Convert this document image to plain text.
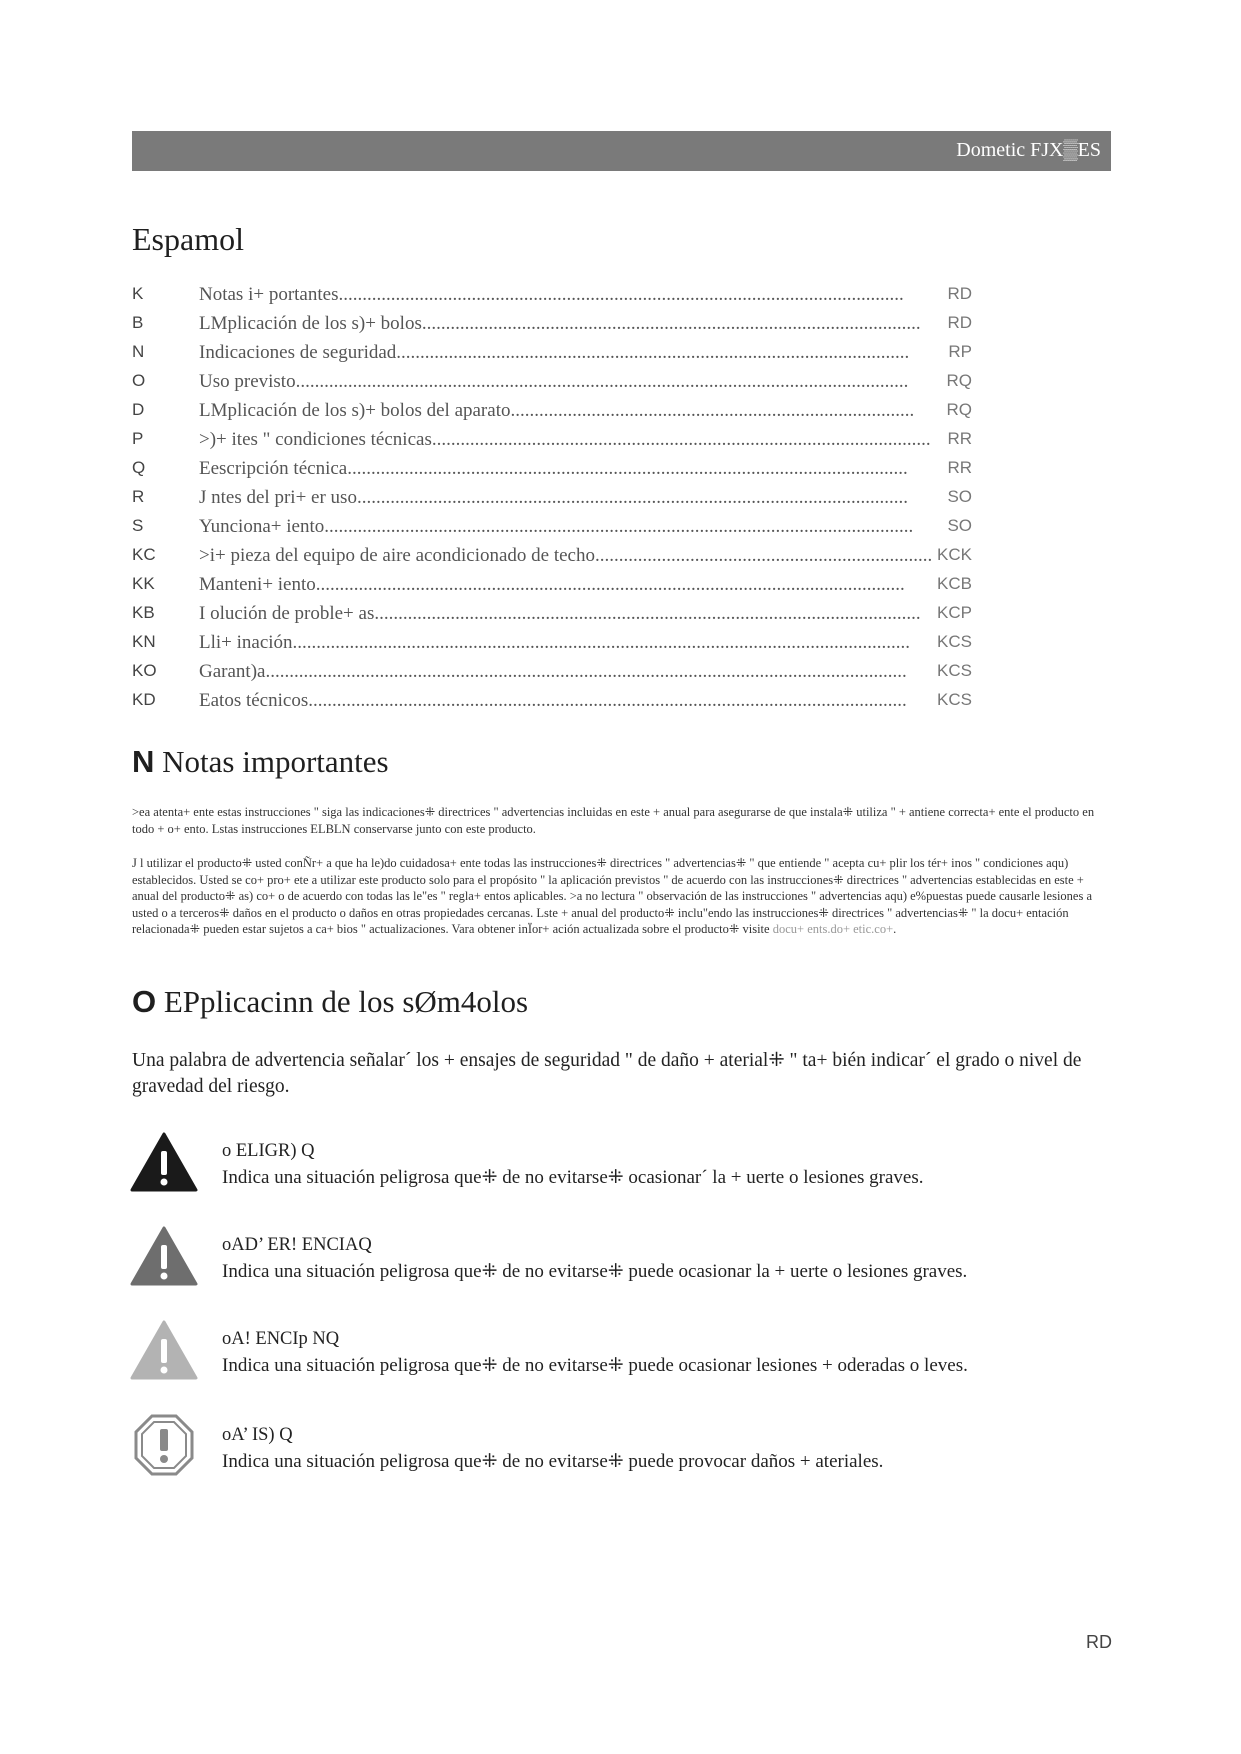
Dometic FJX▒ES
Espamol
K	Notas i+ portantes.......................................................................................................................	RD
B	LMplicación de los s)+ bolos.........................................................................................................	RD
N	Indicaciones de seguridad............................................................................................................	RP
O	Uso previsto.................................................................................................................................	RQ
D	LMplicación de los s)+ bolos del aparato.....................................................................................	RQ
P	>)+ ites " condiciones técnicas......................................................................................................... RR
Q	Eescripción técnica......................................................................................................................	RR
R	J ntes del pri+ er uso....................................................................................................................	SO
S	Yunciona+ iento............................................................................................................................	SO
KC	>i+ pieza del equipo de aire acondicionado de techo....................................................................... KCK
KK	Manteni+ iento............................................................................................................................	KCB
KB	I olución de proble+ as................................................................................................................... KCP
KN	Lli+ inación..................................................................................................................................	KCS
KO	Garant)a.......................................................................................................................................	KCS
KD	Eatos técnicos..............................................................................................................................	KCS
N Notas importantes
>ea atenta+ ente estas instrucciones " siga las indicaciones⁜ directrices " advertencias incluidas en este + anual para asegurarse de que instala⁜ utiliza " + antiene correcta+ ente el producto en todo + o+ ento. Lstas instrucciones ELBLN conservarse junto con este producto.
J l utilizar el producto⁜ usted conÑr+ a que ha le)do cuidadosa+ ente todas las instrucciones⁜ directrices " advertencias⁜ " que entiende " acepta cu+ plir los tér+ inos " condiciones aqu) establecidos. Usted se co+ pro+ ete a utilizar este producto solo para el propósito " la aplicación previstos " de acuerdo con las instrucciones⁜ directrices " advertencias establecidas en este + anual del producto⁜ as) co+ o de acuerdo con todas las le"es " regla+ entos aplicables. >a no lectura " observación de las instrucciones " advertencias aqu) e%puestas puede causarle lesiones a usted o a terceros⁜ daños en el producto o daños en otras propiedades cercanas. Lste + anual del producto⁜ inclu"endo las instrucciones⁜ directrices " advertencias⁜ " la docu+ entación relacionada⁜ pueden estar sujetos a ca+ bios " actualizaciones. Vara obtener inÏor+ ación actualizada sobre el producto⁜ visite docu+ ents.do+ etic.co+.
O EPplicacinn de los sØm4olos
Una palabra de advertencia señalar´ los + ensajes de seguridad " de daño + aterial⁜ " ta+ bién indicar´ el grado o nivel de gravedad del riesgo.
o ELIGR) Q
Indica una situación peligrosa que⁜ de no evitarse⁜ ocasionar´ la + uerte o lesiones graves.
oAD’ ER! ENCIAQ
Indica una situación peligrosa que⁜ de no evitarse⁜ puede ocasionar la + uerte o lesiones graves.
oA! ENCIp NQ
Indica una situación peligrosa que⁜ de no evitarse⁜ puede ocasionar lesiones + oderadas o leves.
oA’ IS) Q
Indica una situación peligrosa que⁜ de no evitarse⁜ puede provocar daños + ateriales.
RD
